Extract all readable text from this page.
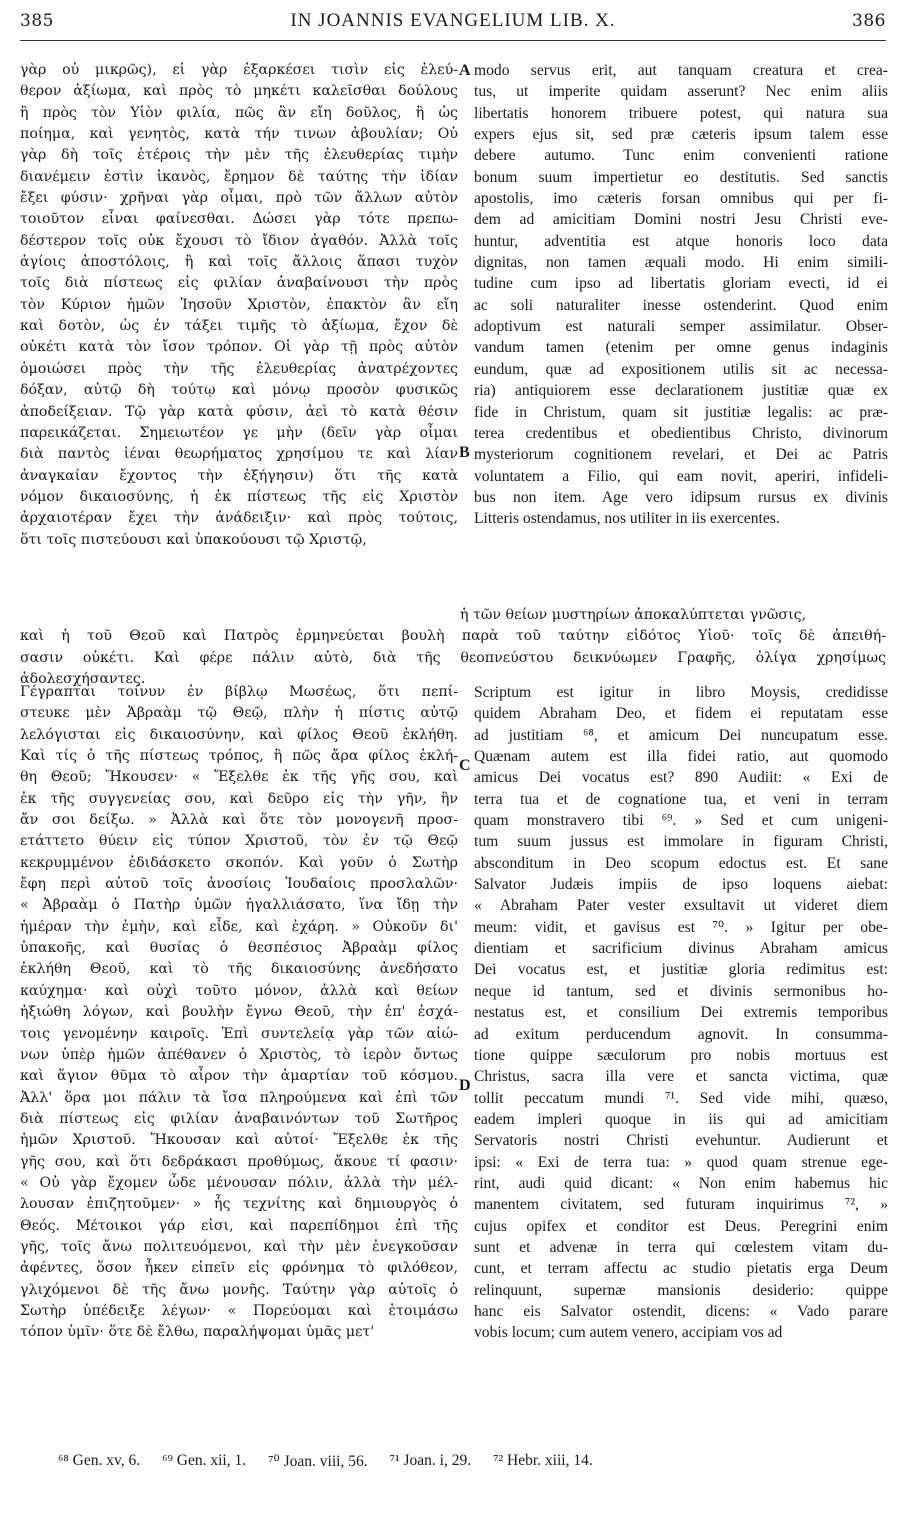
385	IN JOANNIS EVANGELIUM LIB. X.	386
γὰρ οὐ μικρῶς), εἰ γὰρ ἐξαρκέσει τισὶν εἰς ἐλεύ-
θερον ἀξίωμα, καὶ πρὸς τὸ μηκέτι καλεῖσθαι δούλους
ἢ πρὸς τὸν Υἱὸν φιλία, πῶς ἂν εἴη δοῦλος, ἢ ὡς
ποίημα, καὶ γενητὸς, κατὰ τήν τινων ἀβουλίαν; Οὐ
γὰρ δὴ τοῖς ἑτέροις τὴν μὲν τῆς ἐλευθερίας τιμὴν
διανέμειν ἐστὶν ἱκανὸς, ἔρημον δὲ ταύτης τὴν ἰδίαν
ἔξει φύσιν· χρῆναι γὰρ οἶμαι, πρὸ τῶν ἄλλων αὐτὸν
τοιοῦτον εἶναι φαίνεσθαι. Δώσει γὰρ τότε πρεπω-
δέστερον τοῖς οὐκ ἔχουσι τὸ ἴδιον ἀγαθόν. Ἀλλὰ τοῖς
ἁγίοις ἀποστόλοις, ἢ καὶ τοῖς ἄλλοις ἅπασι τυχὸν
τοῖς διὰ πίστεως εἰς φιλίαν ἀναβαίνουσι τὴν πρὸς
τὸν Κύριον ἡμῶν Ἰησοῦν Χριστὸν, ἐπακτὸν ἂν εἴη
καὶ δοτὸν, ὡς ἐν τάξει τιμῆς τὸ ἀξίωμα, ἔχον δὲ
οὐκέτι κατὰ τὸν ἴσον τρόπον. Οἱ γὰρ τῇ πρὸς αὐτὸν
ὁμοιώσει πρὸς τὴν τῆς ἐλευθερίας ἀνατρέχοντες
δόξαν, αὐτῷ δὴ τούτῳ καὶ μόνῳ προσὸν φυσικῶς
ἀποδείξειαν. Τῷ γὰρ κατὰ φύσιν, ἀεὶ τὸ κατὰ θέσιν
παρεικάζεται. Σημειωτέον γε μὴν (δεῖν γὰρ οἶμαι
διὰ παντὸς ἰέναι θεωρήματος χρησίμου τε καὶ λίαν
ἀναγκαίαν ἔχοντος τὴν ἐξήγησιν) ὅτι τῆς κατὰ
νόμον δικαιοσύνης, ἡ ἐκ πίστεως τῆς εἰς Χριστὸν
ἀρχαιοτέραν ἔχει τὴν ἀνάδειξιν· καὶ πρὸς τούτοις,
ὅτι τοῖς πιστεύουσι καὶ ὑπακούουσι τῷ Χριστῷ,
modo servus erit, aut tanquam creatura et crea-
tus, ut imperite quidam asserunt? Nec enim aliis
libertatis honorem tribuere potest, qui natura sua
expers ejus sit, sed præ cæteris ipsum talem esse
debere autumo. Tunc enim convenienti ratione
bonum suum impertietur eo destitutis. Sed sanctis
apostolis, imo cæteris forsan omnibus qui per fi-
dem ad amicitiam Domini nostri Jesu Christi eve-
huntur, adventitia est atque honoris loco data
dignitas, non tamen æquali modo. Hi enim simili-
tudine cum ipso ad libertatis gloriam evecti, id ei
ac soli naturaliter inesse ostenderint. Quod enim
adoptivum est naturali semper assimilatur. Obser-
vandum tamen (etenim per omne genus indaginis
eundum, quæ ad expositionem utilis sit ac necessa-
ria) antiquiorem esse declarationem justitiæ quæ ex
fide in Christum, quam sit justitiæ legalis: ac præ-
terea credentibus et obedientibus Christo, divinorum
mysteriorum cognitionem revelari, et Dei ac Patris
voluntatem a Filio, qui eam novit, aperiri, infideli-
bus non item. Age vero idipsum rursus ex divinis
Litteris ostendamus, nos utiliter in iis exercentes.
ἡ τῶν θείων μυστηρίων ἀποκαλύπτεται γνῶσις,
καὶ ἡ τοῦ Θεοῦ καὶ Πατρὸς ἑρμηνεύεται βουλὴ παρὰ τοῦ ταύτην εἰδότος Υἱοῦ· τοῖς δὲ ἀπειθή-
σασιν οὐκέτι. Καὶ φέρε πάλιν αὐτὸ, διὰ τῆς θεοπνεύστου δεικνύωμεν Γραφῆς, ὀλίγα χρησίμως
ἀδολεσχήσαντες.
Γέγραπται τοίνυν ἐν βίβλῳ Μωσέως, ὅτι πεπί-
στευκε μὲν Ἀβραὰμ τῷ Θεῷ, πλὴν ἡ πίστις αὐτῷ
λελόγισται εἰς δικαιοσύνην, καὶ φίλος Θεοῦ ἐκλήθη.
Καὶ τίς ὁ τῆς πίστεως τρόπος, ἢ πῶς ἄρα φίλος ἐκλή-
θη Θεοῦ; Ἤκουσεν· « Ἔξελθε ἐκ τῆς γῆς σου, καὶ
ἐκ τῆς συγγενείας σου, καὶ δεῦρο εἰς τὴν γῆν, ἣν
ἄν σοι δείξω. » Ἀλλὰ καὶ ὅτε τὸν μονογενῆ προσ-
ετάττετο θύειν εἰς τύπον Χριστοῦ, τὸν ἐν τῷ Θεῷ
κεκρυμμένον ἐδιδάσκετο σκοπόν. Καὶ γοῦν ὁ Σωτὴρ
ἔφη περὶ αὐτοῦ τοῖς ἀνοσίοις Ἰουδαίοις προσλαλῶν·
« Ἀβραὰμ ὁ Πατὴρ ὑμῶν ἠγαλλιάσατο, ἵνα ἴδῃ τὴν
ἡμέραν τὴν ἐμὴν, καὶ εἶδε, καὶ ἐχάρη. » Οὐκοῦν δι'
ὑπακοῆς, καὶ θυσίας ὁ θεσπέσιος Ἀβραὰμ φίλος
ἐκλήθη Θεοῦ, καὶ τὸ τῆς δικαιοσύνης ἀνεδήσατο
καύχημα· καὶ οὐχὶ τοῦτο μόνον, ἀλλὰ καὶ θείων
ἠξιώθη λόγων, καὶ βουλὴν ἔγνω Θεοῦ, τὴν ἐπ' ἐσχά-
τοις γενομένην καιροῖς. Ἐπὶ συντελείᾳ γὰρ τῶν αἰώ-
νων ὑπὲρ ἡμῶν ἀπέθανεν ὁ Χριστὸς, τὸ ἱερὸν ὄντως
καὶ ἅγιον θῦμα τὸ αἶρον τὴν ἁμαρτίαν τοῦ κόσμου.
Ἀλλ' ὅρα μοι πάλιν τὰ ἴσα πληρούμενα καὶ ἐπὶ τῶν
διὰ πίστεως εἰς φιλίαν ἀναβαινόντων τοῦ Σωτῆρος
ἡμῶν Χριστοῦ. Ἤκουσαν καὶ αὐτοί· Ἔξελθε ἐκ τῆς
γῆς σου, καὶ ὅτι δεδράκασι προθύμως, ἄκουε τί φασιν·
« Οὐ γὰρ ἔχομεν ὧδε μένουσαν πόλιν, ἀλλὰ τὴν μέλ-
λουσαν ἐπιζητοῦμεν· » ἧς τεχνίτης καὶ δημιουργὸς ὁ
Θεός. Μέτοικοι γάρ εἰσι, καὶ παρεπίδημοι ἐπὶ τῆς
γῆς, τοῖς ἄνω πολιτευόμενοι, καὶ τὴν μὲν ἐνεγκοῦσαν
ἀφέντες, ὅσον ἧκεν εἰπεῖν εἰς φρόνημα τὸ φιλόθεον,
γλιχόμενοι δὲ τῆς ἄνω μονῆς. Ταύτην γὰρ αὐτοῖς ὁ
Σωτὴρ ὑπέδειξε λέγων· « Πορεύομαι καὶ ἑτοιμάσω
τόπον ὑμῖν· ὅτε δὲ ἔλθω, παραλήψομαι ὑμᾶς μετ'
Scriptum est igitur in libro Moysis, credidisse
quidem Abraham Deo, et fidem ei reputatam esse
ad justitiam ⁶⁸, et amicum Dei nuncupatum esse.
Quænam autem est illa fidei ratio, aut quomodo
amicus Dei vocatus est? 890 Audiit: « Exi de
terra tua et de cognatione tua, et veni in terram
quam monstravero tibi ⁶⁹. » Sed et cum unigeni-
tum suum jussus est immolare in figuram Christi,
absconditum in Deo scopum edoctus est. Et sane
Salvator Judæis impiis de ipso loquens aiebat:
« Abraham Pater vester exsultavit ut videret diem
meum: vidit, et gavisus est ⁷⁰. » Igitur per obe-
dientiam et sacrificium divinus Abraham amicus
Dei vocatus est, et justitiæ gloria redimitus est:
neque id tantum, sed et divinis sermonibus ho-
nestatus est, et consilium Dei extremis temporibus
ad exitum perducendum agnovit. In consumma-
tione quippe sæculorum pro nobis mortuus est
Christus, sacra illa vere et sancta victima, quæ
tollit peccatum mundi ⁷¹. Sed vide mihi, quæso,
eadem impleri quoque in iis qui ad amicitiam
Servatoris nostri Christi evehuntur. Audierunt et
ipsi: « Exi de terra tua: » quod quam strenue ege-
rint, audi quid dicant: « Non enim habemus hic
manentem civitatem, sed futuram inquirimus ⁷², »
cujus opifex et conditor est Deus. Peregrini enim
sunt et advenæ in terra qui cœlestem vitam du-
cunt, et terram affectu ac studio pietatis erga Deum
relinquunt, supernæ mansionis desiderio: quippe
hanc eis Salvator ostendit, dicens: « Vado parare
vobis locum; cum autem venero, accipiam vos ad
A
B
C
D
⁶⁸ Gen. xv, 6. ⁶⁹ Gen. xii, 1. ⁷⁰ Joan. viii, 56. ⁷¹ Joan. i, 29. ⁷² Hebr. xiii, 14.
